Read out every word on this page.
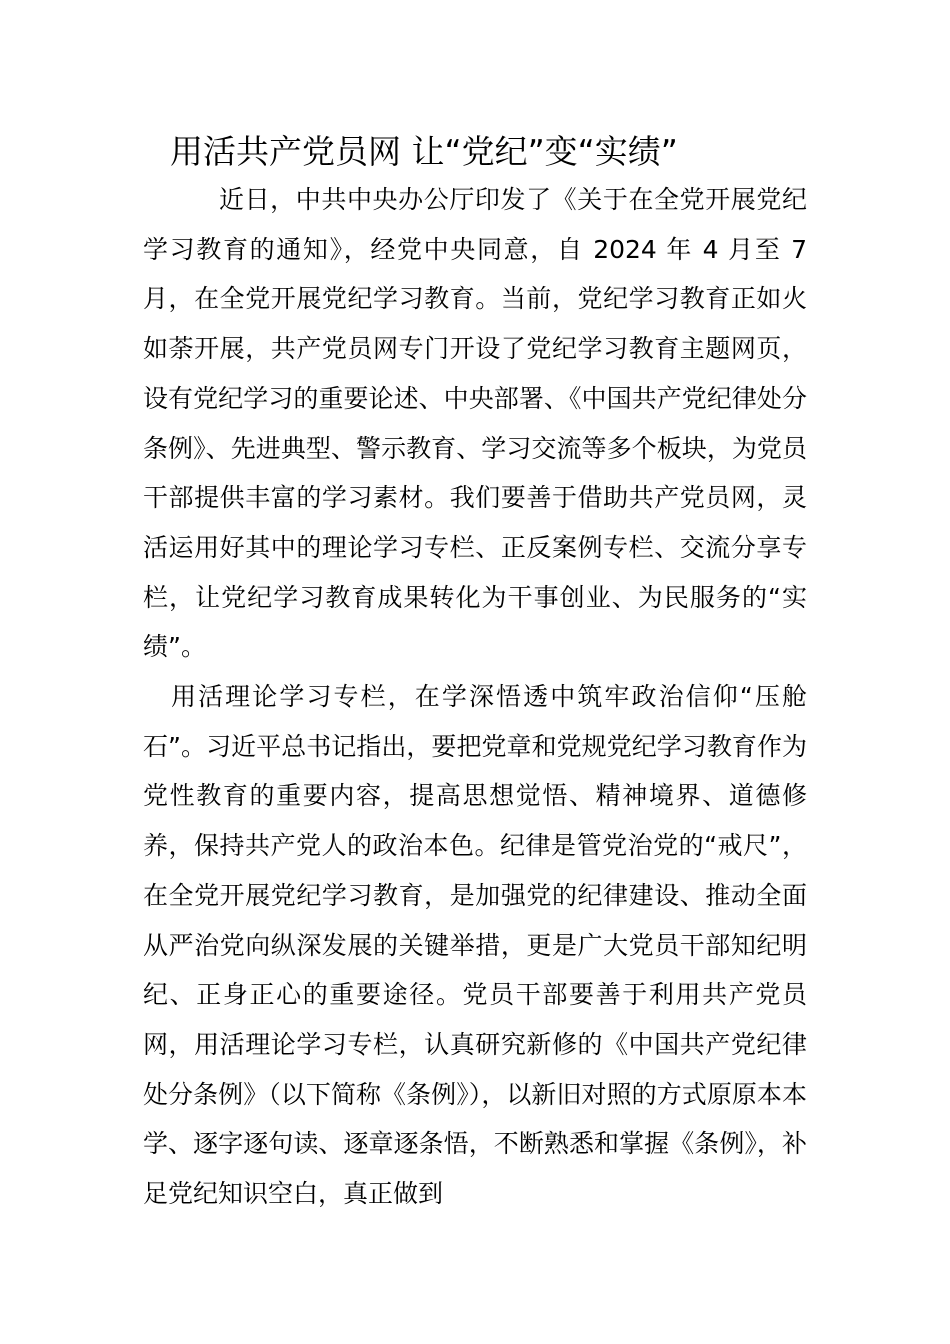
用活共产党员网 让“党纪”变“实绩”

近日，中共中央办公厅印发了《关于在全党开展党纪学习教育的通知》，经党中央同意，自 2024 年 4 月至 7 月，在全党开展党纪学习教育。当前，党纪学习教育正如火如荼开展，共产党员网专门开设了党纪学习教育主题网页，设有党纪学习的重要论述、中央部署、《中国共产党纪律处分条例》、先进典型、警示教育、学习交流等多个板块，为党员干部提供丰富的学习素材。我们要善于借助共产党员网，灵活运用好其中的理论学习专栏、正反案例专栏、交流分享专栏，让党纪学习教育成果转化为干事创业、为民服务的“实绩”。

用活理论学习专栏，在学深悟透中筑牢政治信仰“压舱石”。习近平总书记指出，要把党章和党规党纪学习教育作为党性教育的重要内容，提高思想觉悟、精神境界、道德修养，保持共产党人的政治本色。纪律是管党治党的“戒尺”，在全党开展党纪学习教育，是加强党的纪律建设、推动全面从严治党向纵深发展的关键举措，更是广大党员干部知纪明纪、正身正心的重要途径。党员干部要善于利用共产党员网，用活理论学习专栏，认真研究新修的《中国共产党纪律处分条例》（以下简称《条例》），以新旧对照的方式原原本本学、逐字逐句读、逐章逐条悟，不断熟悉和掌握《条例》，补足党纪知识空白，真正做到
